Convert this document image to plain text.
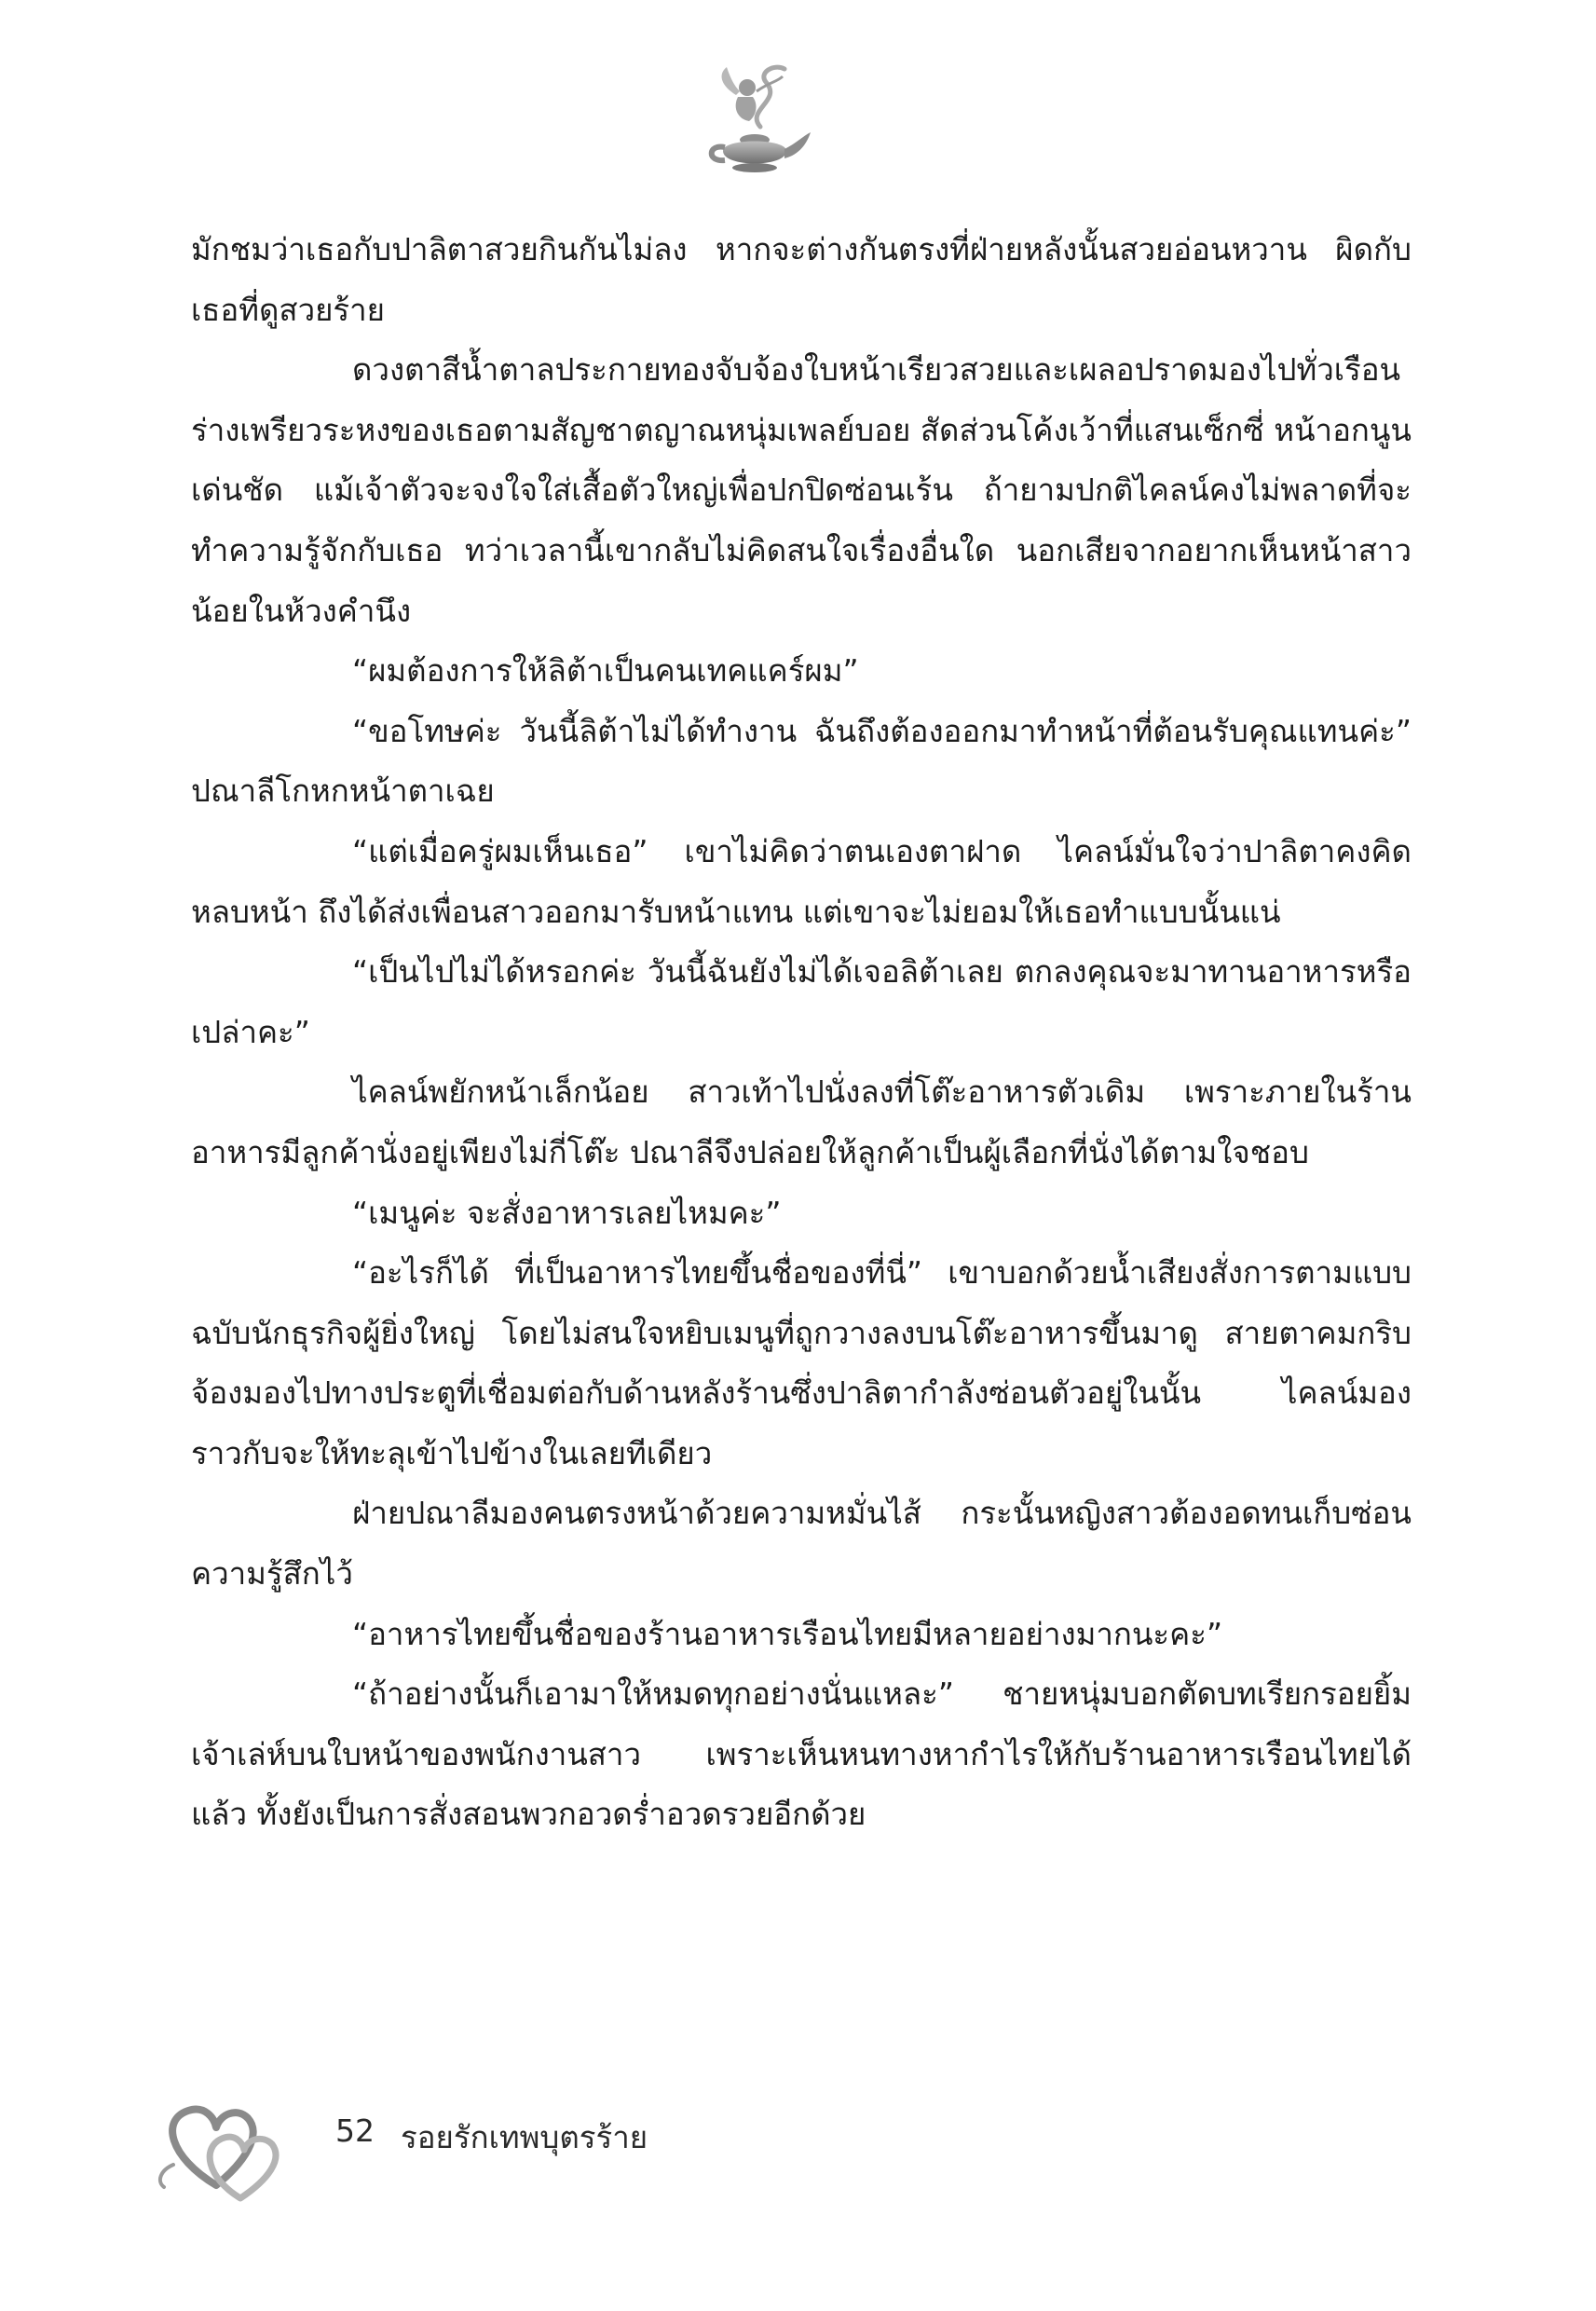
มักชมว่าเธอกับปาลิตาสวยกินกันไม่ลง หากจะต่างกันตรงที่ฝ่ายหลังนั้นสวยอ่อนหวาน ผิดกับเธอที่ดูสวยร้าย

ดวงตาสีน้ำตาลประกายทองจับจ้องใบหน้าเรียวสวยและเผลอปราดมองไปทั่วเรือนร่างเพรียวระหงของเธอตามสัญชาตญาณหนุ่มเพลย์บอย สัดส่วนโค้งเว้าที่แสนเซ็กซี่ หน้าอกนูนเด่นชัด แม้เจ้าตัวจะจงใจใส่เสื้อตัวใหญ่เพื่อปกปิดซ่อนเร้น ถ้ายามปกติไคลน์คงไม่พลาดที่จะทำความรู้จักกับเธอ ทว่าเวลานี้เขากลับไม่คิดสนใจเรื่องอื่นใด นอกเสียจากอยากเห็นหน้าสาวน้อยในห้วงคำนึง

“ผมต้องการให้ลิต้าเป็นคนเทคแคร์ผม”

“ขอโทษค่ะ วันนี้ลิต้าไม่ได้ทำงาน ฉันถึงต้องออกมาทำหน้าที่ต้อนรับคุณแทนค่ะ” ปณาลีโกหกหน้าตาเฉย

“แต่เมื่อครู่ผมเห็นเธอ” เขาไม่คิดว่าตนเองตาฝาด ไคลน์มั่นใจว่าปาลิตาคงคิดหลบหน้า ถึงได้ส่งเพื่อนสาวออกมารับหน้าแทน แต่เขาจะไม่ยอมให้เธอทำแบบนั้นแน่

“เป็นไปไม่ได้หรอกค่ะ วันนี้ฉันยังไม่ได้เจอลิต้าเลย ตกลงคุณจะมาทานอาหารหรือเปล่าคะ”

ไคลน์พยักหน้าเล็กน้อย สาวเท้าไปนั่งลงที่โต๊ะอาหารตัวเดิม เพราะภายในร้านอาหารมีลูกค้านั่งอยู่เพียงไม่กี่โต๊ะ ปณาลีจึงปล่อยให้ลูกค้าเป็นผู้เลือกที่นั่งได้ตามใจชอบ

“เมนูค่ะ จะสั่งอาหารเลยไหมคะ”

“อะไรก็ได้ ที่เป็นอาหารไทยขึ้นชื่อของที่นี่” เขาบอกด้วยน้ำเสียงสั่งการตามแบบฉบับนักธุรกิจผู้ยิ่งใหญ่ โดยไม่สนใจหยิบเมนูที่ถูกวางลงบนโต๊ะอาหารขึ้นมาดู สายตาคมกริบจ้องมองไปทางประตูที่เชื่อมต่อกับด้านหลังร้านซึ่งปาลิตากำลังซ่อนตัวอยู่ในนั้น ไคลน์มองราวกับจะให้ทะลุเข้าไปข้างในเลยทีเดียว

ฝ่ายปณาลีมองคนตรงหน้าด้วยความหมั่นไส้ กระนั้นหญิงสาวต้องอดทนเก็บซ่อนความรู้สึกไว้

“อาหารไทยขึ้นชื่อของร้านอาหารเรือนไทยมีหลายอย่างมากนะคะ”

“ถ้าอย่างนั้นก็เอามาให้หมดทุกอย่างนั่นแหละ” ชายหนุ่มบอกตัดบทเรียกรอยยิ้มเจ้าเล่ห์บนใบหน้าของพนักงานสาว เพราะเห็นหนทางหากำไรให้กับร้านอาหารเรือนไทยได้แล้ว ทั้งยังเป็นการสั่งสอนพวกอวดร่ำอวดรวยอีกด้วย

52 รอยรักเทพบุตรร้าย
